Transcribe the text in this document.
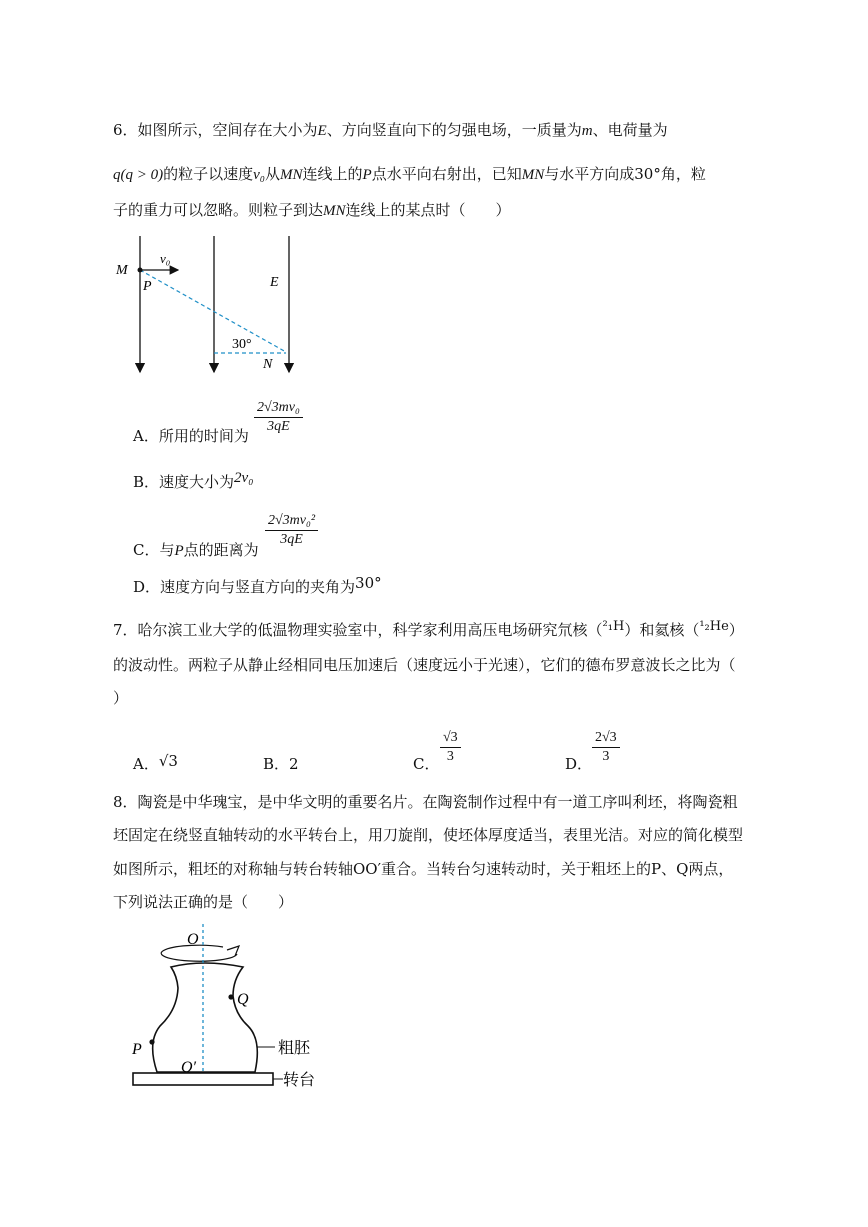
6．如图所示，空间存在大小为E、方向竖直向下的匀强电场，一质量为m、电荷量为
q(q > 0)的粒子以速度v₀从MN连线上的P点水平向右射出，已知MN与水平方向成30°角，粒
子的重力可以忽略。则粒子到达MN连线上的某点时（　　）
M
P
v₀
E
30°
N
A．所用的时间为
$\frac{\text{2√3mv₀}}{3qE}$
B．速度大小为2v₀
C．与P点的距离为
$\frac{\text{2√3mv₀²}}{3qE}$
D．速度方向与竖直方向的夹角为30°
7．哈尔滨工业大学的低温物理实验室中，科学家利用高压电场研究氘核（²₁H）和氦核（¹₂He）
的波动性。两粒子从静止经相同电压加速后（速度远小于光速），它们的德布罗意波长之比为（
）
A．√3	B．2	C． $\frac{√3}{3}$	D． $\frac{2√3}{3}$
8．陶瓷是中华瑰宝，是中华文明的重要名片。在陶瓷制作过程中有一道工序叫利坯，将陶瓷粗
坯固定在绕竖直轴转动的水平转台上，用刀旋削，使坯体厚度适当，表里光洁。对应的简化模型
如图所示，粗坯的对称轴与转台转轴OO′重合。当转台匀速转动时，关于粗坯上的P、Q两点，
下列说法正确的是（　　）
O
Q
P
O′
粗胚
转台
